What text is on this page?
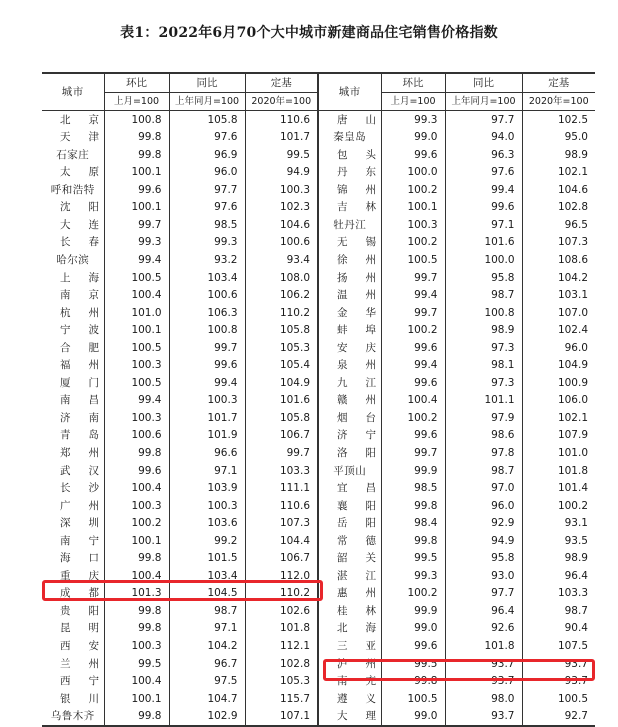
表1：2022年6月70个大中城市新建商品住宅销售价格指数
城市	环比	同比	定基	城市	环比	同比	定基
	上月=100	上年同月=100	2020年=100		上月=100	上年同月=100	2020年=100
北京	100.8	105.8	110.6	唐山	99.3	97.7	102.5
天津	99.8	97.6	101.7	秦皇岛	99.0	94.0	95.0
石家庄	99.8	96.9	99.5	包头	99.6	96.3	98.9
太原	100.1	96.0	94.9	丹东	100.0	97.6	102.1
呼和浩特	99.6	97.7	100.3	锦州	100.2	99.4	104.6
沈阳	100.1	97.6	102.3	吉林	100.1	99.6	102.8
大连	99.7	98.5	104.6	牡丹江	100.3	97.1	96.5
长春	99.3	99.3	100.6	无锡	100.2	101.6	107.3
哈尔滨	99.4	93.2	93.4	徐州	100.5	100.0	108.6
上海	100.5	103.4	108.0	扬州	99.7	95.8	104.2
南京	100.4	100.6	106.2	温州	99.4	98.7	103.1
杭州	101.0	106.3	110.2	金华	99.7	100.8	107.0
宁波	100.1	100.8	105.8	蚌埠	100.2	98.9	102.4
合肥	100.5	99.7	105.3	安庆	99.6	97.3	96.0
福州	100.3	99.6	105.4	泉州	99.4	98.1	104.9
厦门	100.5	99.4	104.9	九江	99.6	97.3	100.9
南昌	99.4	100.3	101.6	赣州	100.4	101.1	106.0
济南	100.3	101.7	105.8	烟台	100.2	97.9	102.1
青岛	100.6	101.9	106.7	济宁	99.6	98.6	107.9
郑州	99.8	96.6	99.7	洛阳	99.7	97.8	101.0
武汉	99.6	97.1	103.3	平顶山	99.9	98.7	101.8
长沙	100.4	103.9	111.1	宜昌	98.5	97.0	101.4
广州	100.3	100.3	110.6	襄阳	99.8	96.0	100.2
深圳	100.2	103.6	107.3	岳阳	98.4	92.9	93.1
南宁	100.1	99.2	104.4	常德	99.8	94.9	93.5
海口	99.8	101.5	106.7	韶关	99.5	95.8	98.9
重庆	100.4	103.4	112.0	湛江	99.3	93.0	96.4
成都	101.3	104.5	110.2	惠州	100.2	97.7	103.3
贵阳	99.8	98.7	102.6	桂林	99.9	96.4	98.7
昆明	99.8	97.1	101.8	北海	99.0	92.6	90.4
西安	100.3	104.2	112.1	三亚	99.6	101.8	107.5
兰州	99.5	96.7	102.8	泸州	99.5	93.7	93.7
西宁	100.4	97.5	105.3	南充	99.8	93.7	93.7
银川	100.1	104.7	115.7	遵义	100.5	98.0	100.5
乌鲁木齐	99.8	102.9	107.1	大理	99.0	93.7	92.7
